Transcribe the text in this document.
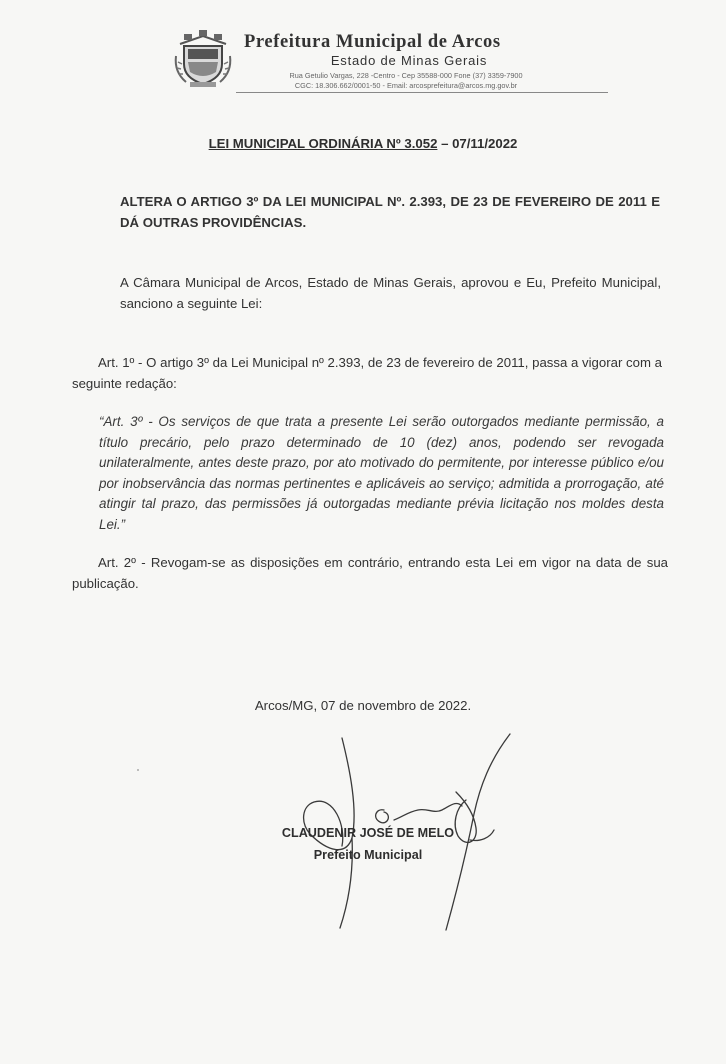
Prefeitura Municipal de Arcos
Estado de Minas Gerais
Rua Getulio Vargas, 228 -Centro - Cep 35588-000 Fone (37) 3359-7900
CGC: 18.306.662/0001-50 - Email: arcosprefeitura@arcos.mg.gov.br
LEI MUNICIPAL ORDINÁRIA Nº 3.052 – 07/11/2022
ALTERA O ARTIGO 3º DA LEI MUNICIPAL Nº. 2.393, DE 23 DE FEVEREIRO DE 2011 E DÁ OUTRAS PROVIDÊNCIAS.
A Câmara Municipal de Arcos, Estado de Minas Gerais, aprovou e Eu, Prefeito Municipal, sanciono a seguinte Lei:
Art. 1º - O artigo 3º da Lei Municipal nº 2.393, de 23 de fevereiro de 2011, passa a vigorar com a seguinte redação:
“Art. 3º - Os serviços de que trata a presente Lei serão outorgados mediante permissão, a título precário, pelo prazo determinado de 10 (dez) anos, podendo ser revogada unilateralmente, antes deste prazo, por ato motivado do permitente, por interesse público e/ou por inobservância das normas pertinentes e aplicáveis ao serviço; admitida a prorrogação, até atingir tal prazo, das permissões já outorgadas mediante prévia licitação nos moldes desta Lei.”
Art. 2º - Revogam-se as disposições em contrário, entrando esta Lei em vigor na data de sua publicação.
Arcos/MG, 07 de novembro de 2022.
CLAUDENIR JOSÉ DE MELO
Prefeito Municipal
